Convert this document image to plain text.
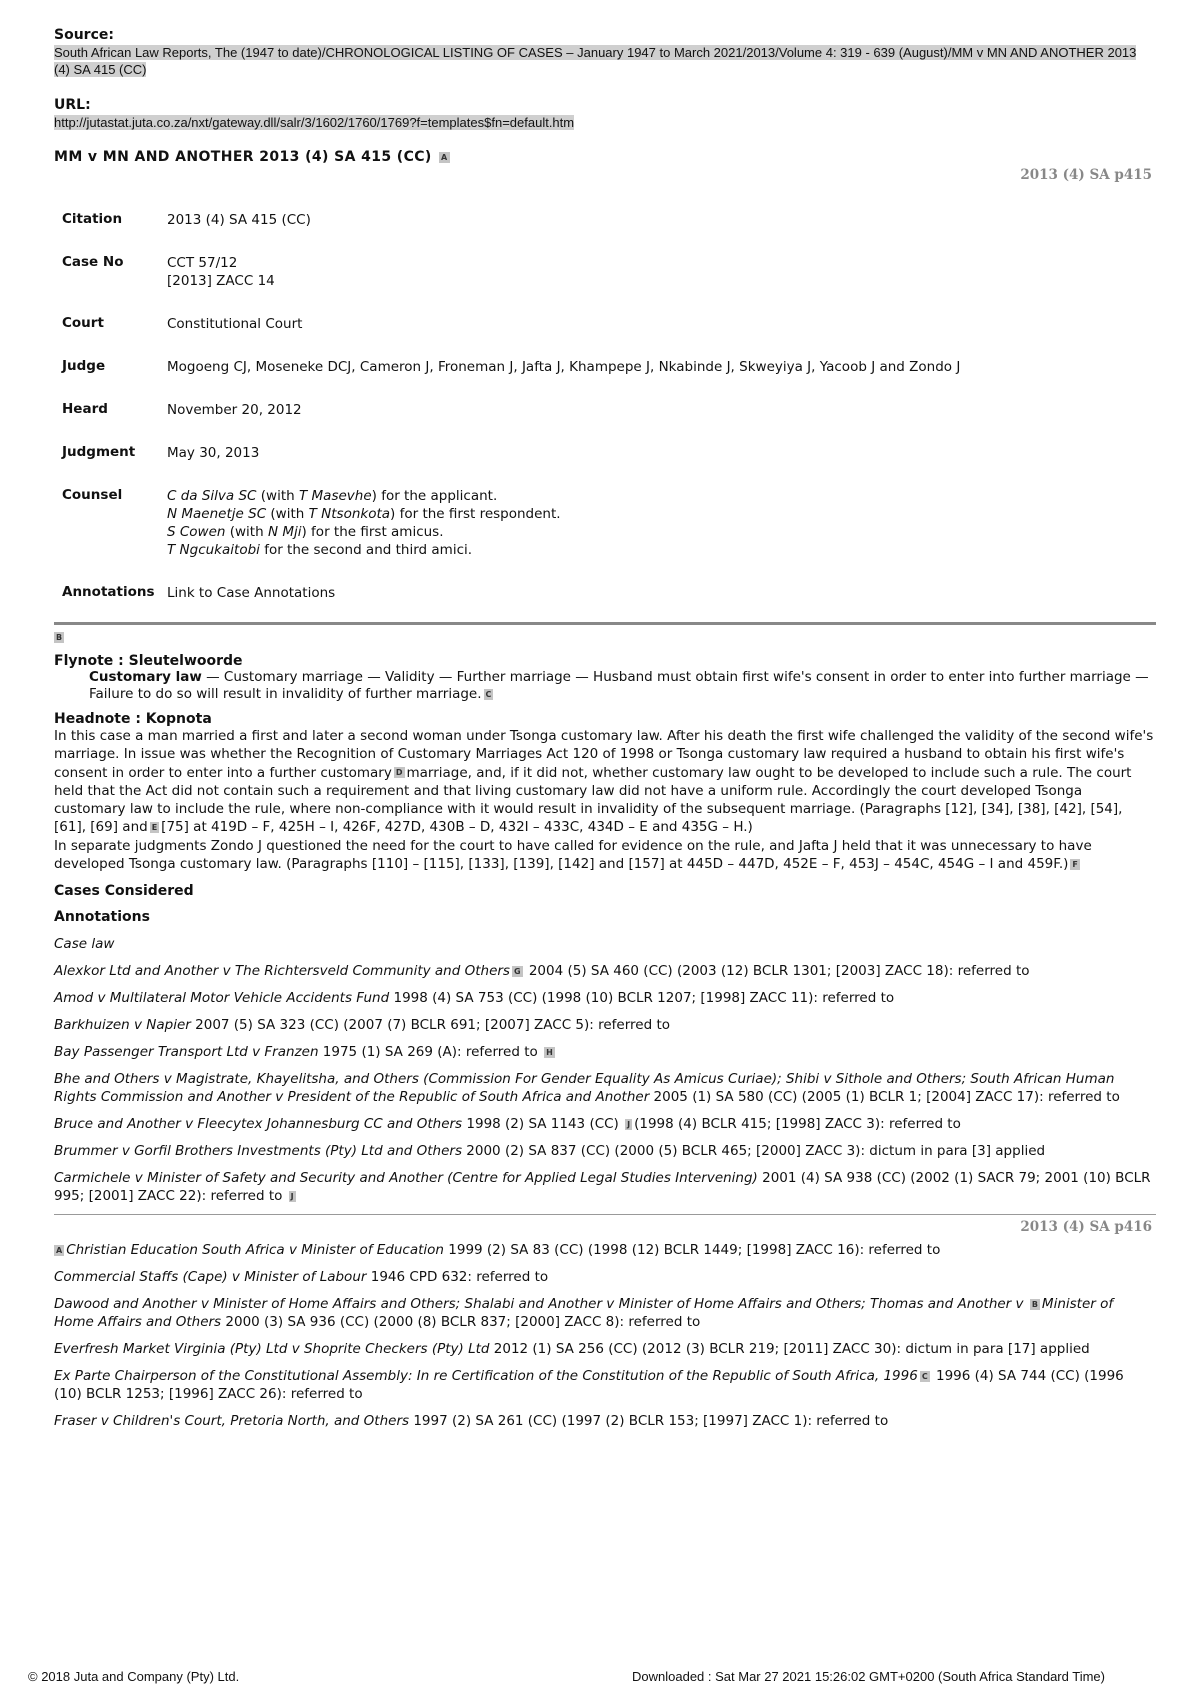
Source:
South African Law Reports, The (1947 to date)/CHRONOLOGICAL LISTING OF CASES – January 1947 to March 2021/2013/Volume 4: 319 - 639 (August)/MM v MN AND ANOTHER 2013 (4) SA 415 (CC)
URL:
http://jutastat.juta.co.za/nxt/gateway.dll/salr/3/1602/1760/1769?f=templates$fn=default.htm
MM v MN AND ANOTHER 2013 (4) SA 415 (CC) A
2013 (4) SA p415
Citation	2013 (4) SA 415 (CC)
Case No	CCT 57/12
[2013] ZACC 14

Court	Constitutional Court
Judge	Mogoeng CJ, Moseneke DCJ, Cameron J, Froneman J, Jafta J, Khampepe J, Nkabinde J, Skweyiya J, Yacoob J and Zondo J
Heard	November 20, 2012
Judgment	May 30, 2013
Counsel	C da Silva SC (with T Masevhe) for the applicant.
N Maenetje SC (with T Ntsonkota) for the first respondent.
S Cowen (with N Mji) for the first amicus.
T Ngcukaitobi for the second and third amici.

Annotations	Link to Case Annotations
B
Flynote : Sleutelwoorde
Customary law — Customary marriage — Validity — Further marriage — Husband must obtain first wife's consent in order to enter into further marriage — Failure to do so will result in invalidity of further marriage. C
Headnote : Kopnota

In this case a man married a first and later a second woman under Tsonga customary law. After his death the first wife challenged the validity of the second wife's marriage. In issue was whether the Recognition of Customary Marriages Act 120 of 1998 or Tsonga customary law required a husband to obtain his first wife's consent in order to enter into a further customary D marriage, and, if it did not, whether customary law ought to be developed to include such a rule. The court held that the Act did not contain such a requirement and that living customary law did not have a uniform rule. Accordingly the court developed Tsonga customary law to include the rule, where non-compliance with it would result in invalidity of the subsequent marriage. (Paragraphs [12], [34], [38], [42], [54], [61], [69] and E [75] at 419D – F, 425H – I, 426F, 427D, 430B – D, 432I – 433C, 434D – E and 435G – H.)

In separate judgments Zondo J questioned the need for the court to have called for evidence on the rule, and Jafta J held that it was unnecessary to have developed Tsonga customary law. (Paragraphs [110] – [115], [133], [139], [142] and [157] at 445D – 447D, 452E – F, 453J – 454C, 454G – I and 459F.) F

Cases Considered
Annotations

Case law

Alexkor Ltd and Another v The Richtersveld Community and Others G 2004 (5) SA 460 (CC) (2003 (12) BCLR 1301; [2003] ZACC 18): referred to

Amod v Multilateral Motor Vehicle Accidents Fund 1998 (4) SA 753 (CC) (1998 (10) BCLR 1207; [1998] ZACC 11): referred to

Barkhuizen v Napier 2007 (5) SA 323 (CC) (2007 (7) BCLR 691; [2007] ZACC 5): referred to

Bay Passenger Transport Ltd v Franzen 1975 (1) SA 269 (A): referred to H

Bhe and Others v Magistrate, Khayelitsha, and Others (Commission For Gender Equality As Amicus Curiae); Shibi v Sithole and Others; South African Human Rights Commission and Another v President of the Republic of South Africa and Another 2005 (1) SA 580 (CC) (2005 (1) BCLR 1; [2004] ZACC 17): referred to

Bruce and Another v Fleecytex Johannesburg CC and Others 1998 (2) SA 1143 (CC) J (1998 (4) BCLR 415; [1998] ZACC 3): referred to

Brummer v Gorfil Brothers Investments (Pty) Ltd and Others 2000 (2) SA 837 (CC) (2000 (5) BCLR 465; [2000] ZACC 3): dictum in para [3] applied

Carmichele v Minister of Safety and Security and Another (Centre for Applied Legal Studies Intervening) 2001 (4) SA 938 (CC) (2002 (1) SACR 79; 2001 (10) BCLR 995; [2001] ZACC 22): referred to J

2013 (4) SA p416

A Christian Education South Africa v Minister of Education 1999 (2) SA 83 (CC) (1998 (12) BCLR 1449; [1998] ZACC 16): referred to

Commercial Staffs (Cape) v Minister of Labour 1946 CPD 632: referred to

Dawood and Another v Minister of Home Affairs and Others; Shalabi and Another v Minister of Home Affairs and Others; Thomas and Another v B Minister of Home Affairs and Others 2000 (3) SA 936 (CC) (2000 (8) BCLR 837; [2000] ZACC 8): referred to

Everfresh Market Virginia (Pty) Ltd v Shoprite Checkers (Pty) Ltd 2012 (1) SA 256 (CC) (2012 (3) BCLR 219; [2011] ZACC 30): dictum in para [17] applied

Ex Parte Chairperson of the Constitutional Assembly: In re Certification of the Constitution of the Republic of South Africa, 1996 C 1996 (4) SA 744 (CC) (1996 (10) BCLR 1253; [1996] ZACC 26): referred to

Fraser v Children's Court, Pretoria North, and Others 1997 (2) SA 261 (CC) (1997 (2) BCLR 153; [1997] ZACC 1): referred to

© 2018 Juta and Company (Pty) Ltd.	Downloaded : Sat Mar 27 2021 15:26:02 GMT+0200 (South Africa Standard Time)
